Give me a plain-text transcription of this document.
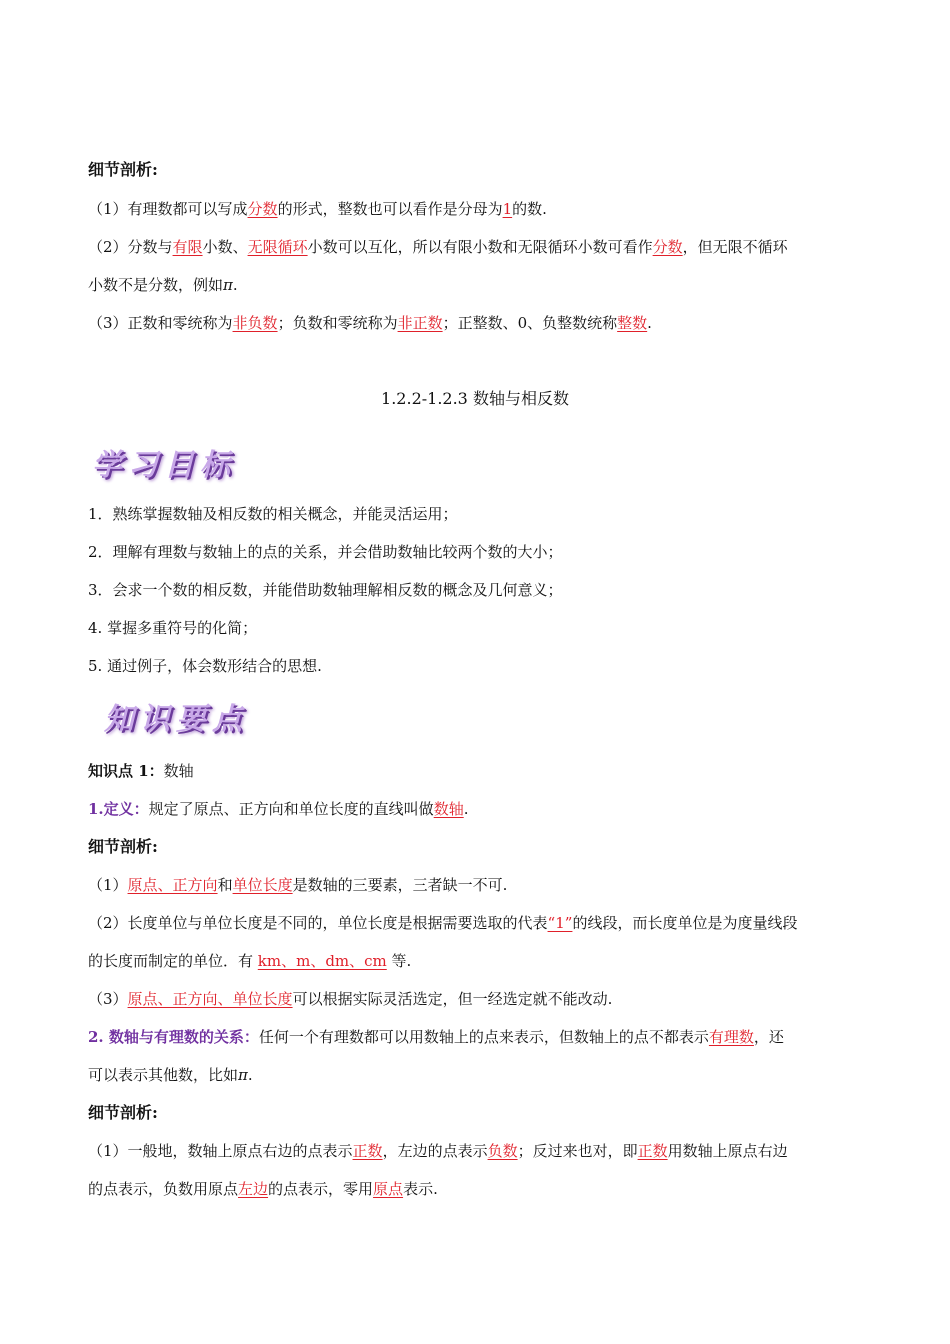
细节剖析:
（1）有理数都可以写成分数的形式，整数也可以看作是分母为1的数.
（2）分数与有限小数、无限循环小数可以互化，所以有限小数和无限循环小数可看作分数，但无限不循环
小数不是分数，例如π.
（3）正数和零统称为非负数；负数和零统称为非正数；正整数、0、负整数统称整数.
1.2.2-1.2.3 数轴与相反数
学习目标
1．熟练掌握数轴及相反数的相关概念，并能灵活运用；
2．理解有理数与数轴上的点的关系，并会借助数轴比较两个数的大小；
3．会求一个数的相反数，并能借助数轴理解相反数的概念及几何意义；
4. 掌握多重符号的化简；
5. 通过例子，体会数形结合的思想.
知识要点
知识点 1：数轴
1.定义：规定了原点、正方向和单位长度的直线叫做数轴.
细节剖析:
（1）原点、正方向和单位长度是数轴的三要素，三者缺一不可.
（2）长度单位与单位长度是不同的，单位长度是根据需要选取的代表“1”的线段，而长度单位是为度量线段
的长度而制定的单位．有 km、m、dm、cm 等.
（3）原点、正方向、单位长度可以根据实际灵活选定，但一经选定就不能改动.
2. 数轴与有理数的关系：任何一个有理数都可以用数轴上的点来表示，但数轴上的点不都表示有理数，还
可以表示其他数，比如π.
细节剖析:
（1）一般地，数轴上原点右边的点表示正数，左边的点表示负数；反过来也对，即正数用数轴上原点右边
的点表示，负数用原点左边的点表示，零用原点表示.
